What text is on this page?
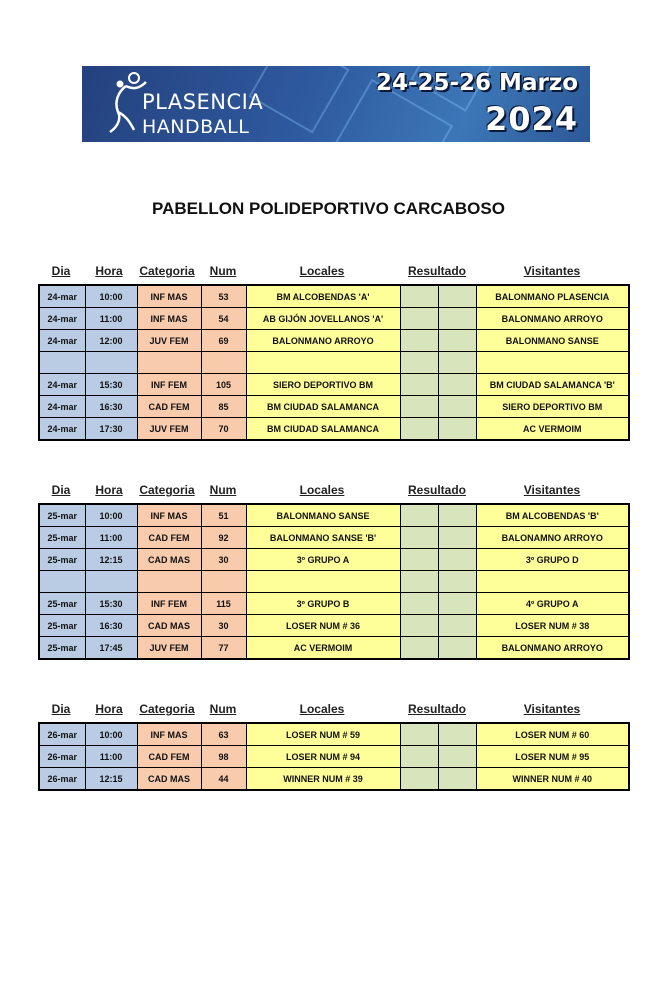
PLASENCIA
HANDBALL
24-25-26 Marzo
2024
PABELLON POLIDEPORTIVO CARCABOSO
Dia Hora Categoria Num	Locales	Resultado	Visitantes
24-mar	10:00	INF MAS	53	BM ALCOBENDAS 'A'			BALONMANO PLASENCIA
24-mar	11:00	INF MAS	54	AB GIJÓN JOVELLANOS 'A'			BALONMANO ARROYO
24-mar	12:00	JUV FEM	69	BALONMANO ARROYO			BALONMANO SANSE

24-mar	15:30	INF FEM	105	SIERO DEPORTIVO BM			BM CIUDAD SALAMANCA 'B'
24-mar	16:30	CAD FEM	85	BM CIUDAD SALAMANCA			SIERO DEPORTIVO BM
24-mar	17:30	JUV FEM	70	BM CIUDAD SALAMANCA			AC VERMOIM
Dia Hora Categoria Num	Locales	Resultado	Visitantes
25-mar	10:00	INF MAS	51	BALONMANO SANSE			BM ALCOBENDAS 'B'
25-mar	11:00	CAD FEM	92	BALONMANO SANSE 'B'			BALONAMNO ARROYO
25-mar	12:15	CAD MAS	30	3º GRUPO A			3º GRUPO D

25-mar	15:30	INF FEM	115	3º GRUPO B			4º GRUPO A
25-mar	16:30	CAD MAS	30	LOSER NUM # 36			LOSER NUM # 38
25-mar	17:45	JUV FEM	77	AC VERMOIM			BALONMANO ARROYO
Dia Hora Categoria Num	Locales	Resultado	Visitantes
26-mar	10:00	INF MAS	63	LOSER NUM # 59			LOSER NUM # 60
26-mar	11:00	CAD FEM	98	LOSER NUM # 94			LOSER NUM # 95
26-mar	12:15	CAD MAS	44	WINNER NUM # 39			WINNER NUM # 40
